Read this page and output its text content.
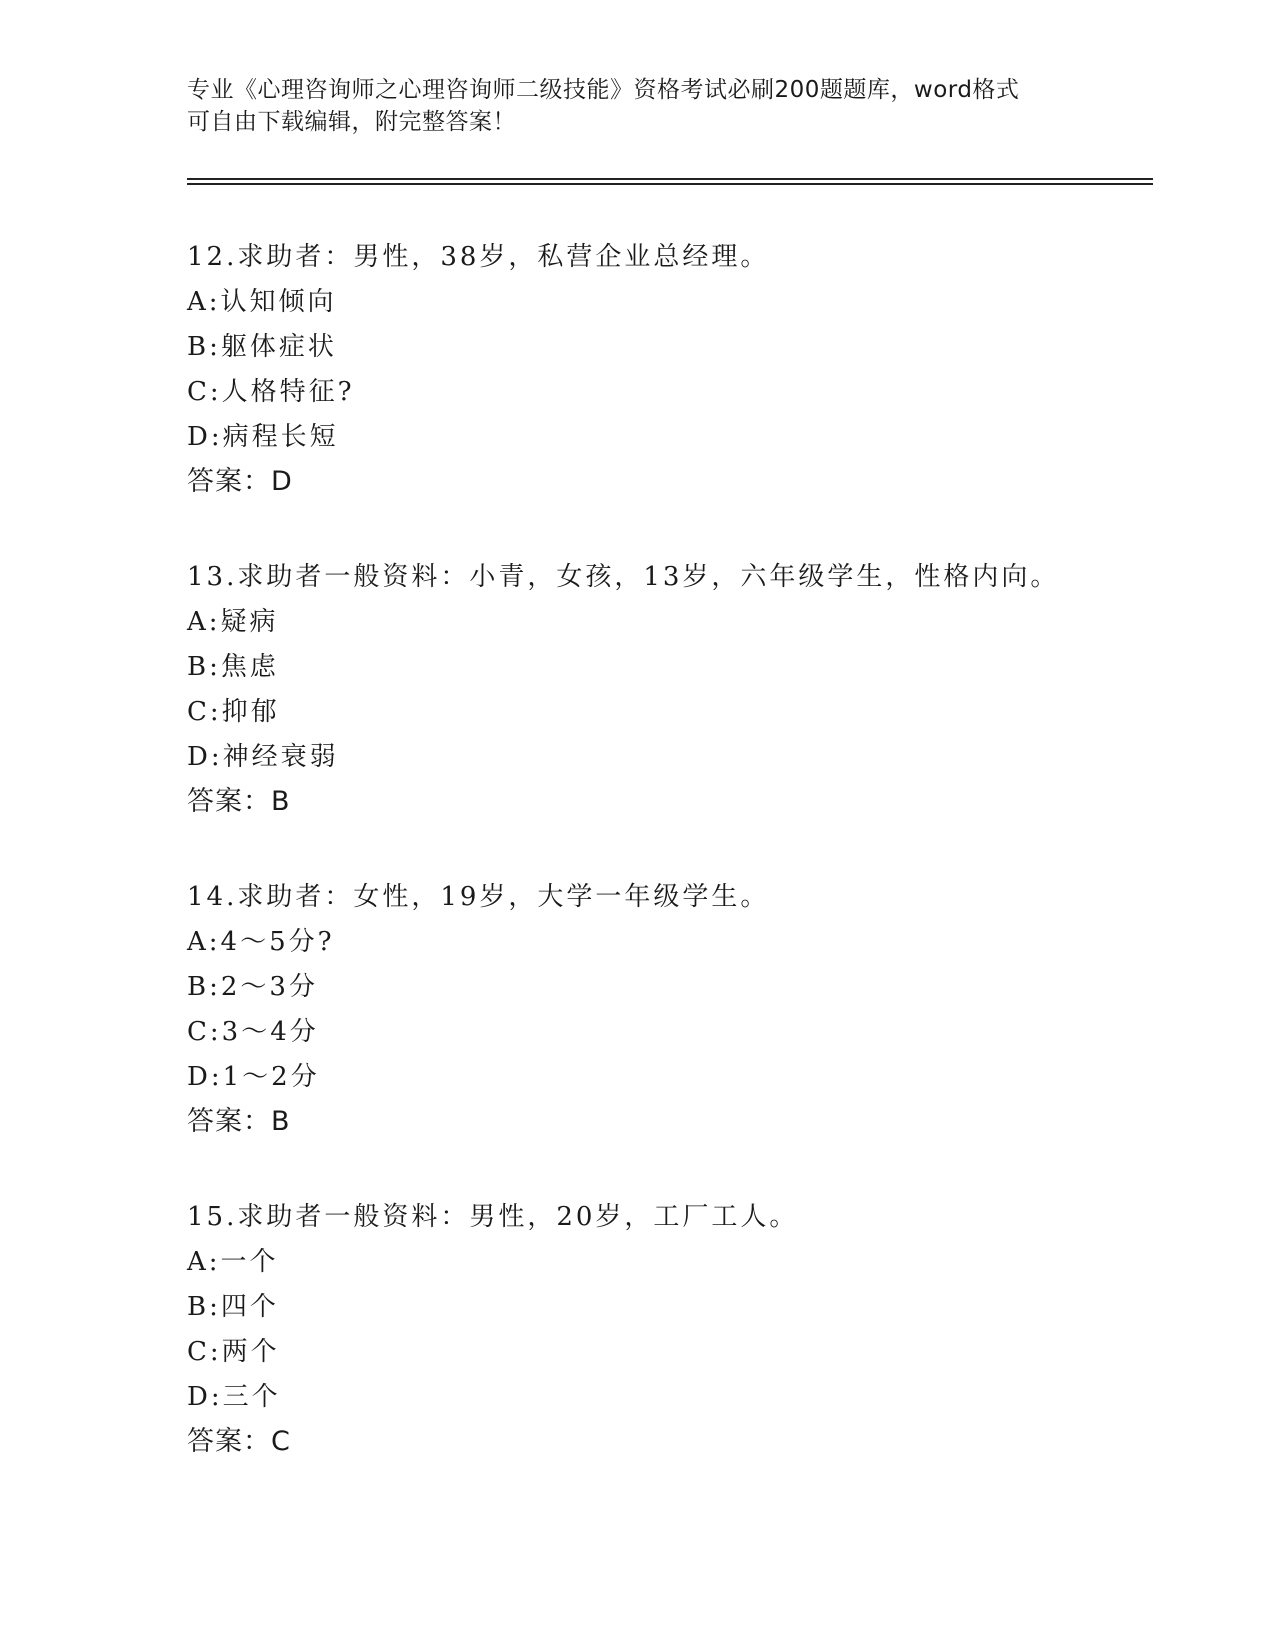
专业《心理咨询师之心理咨询师二级技能》资格考试必刷200题题库，word格式
可自由下载编辑，附完整答案！
12.求助者：男性，38岁，私营企业总经理。
A:认知倾向
B:躯体症状
C:人格特征?
D:病程长短
答案：D
13.求助者一般资料：小青，女孩，13岁，六年级学生，性格内向。
A:疑病
B:焦虑
C:抑郁
D:神经衰弱
答案：B
14.求助者：女性，19岁，大学一年级学生。
A:4～5分?
B:2～3分
C:3～4分
D:1～2分
答案：B
15.求助者一般资料：男性，20岁，工厂工人。
A:一个
B:四个
C:两个
D:三个
答案：C
